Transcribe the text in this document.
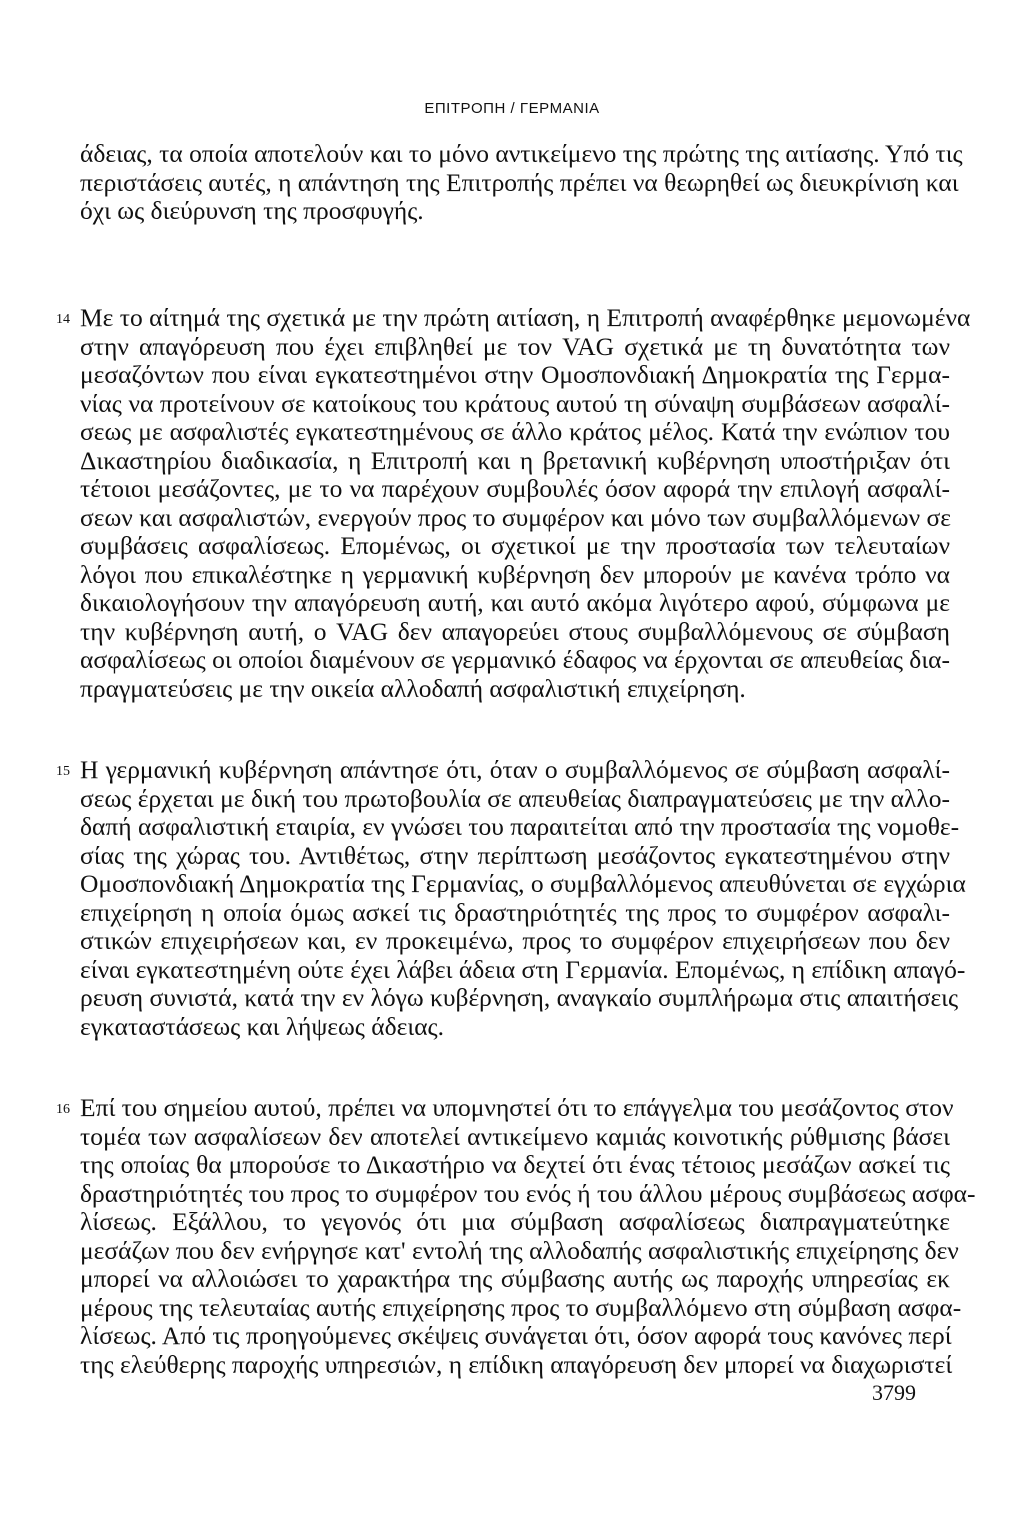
ΕΠΙΤΡΟΠΗ / ΓΕΡΜΑΝΙΑ
άδειας, τα οποία αποτελούν και το μόνο αντικείμενο της πρώτης της αιτίασης. Υπό τις
περιστάσεις αυτές, η απάντηση της Επιτροπής πρέπει να θεωρηθεί ως διευκρίνιση και
όχι ως διεύρυνση της προσφυγής.
14 Με το αίτημά της σχετικά με την πρώτη αιτίαση, η Επιτροπή αναφέρθηκε μεμονωμένα
στην απαγόρευση που έχει επιβληθεί με τον VAG σχετικά με τη δυνατότητα των
μεσαζόντων που είναι εγκατεστημένοι στην Ομοσπονδιακή Δημοκρατία της Γερμα-
νίας να προτείνουν σε κατοίκους του κράτους αυτού τη σύναψη συμβάσεων ασφαλί-
σεως με ασφαλιστές εγκατεστημένους σε άλλο κράτος μέλος. Κατά την ενώπιον του
Δικαστηρίου διαδικασία, η Επιτροπή και η βρετανική κυβέρνηση υποστήριξαν ότι
τέτοιοι μεσάζοντες, με το να παρέχουν συμβουλές όσον αφορά την επιλογή ασφαλί-
σεων και ασφαλιστών, ενεργούν προς το συμφέρον και μόνο των συμβαλλόμενων σε
συμβάσεις ασφαλίσεως. Επομένως, οι σχετικοί με την προστασία των τελευταίων
λόγοι που επικαλέστηκε η γερμανική κυβέρνηση δεν μπορούν με κανένα τρόπο να
δικαιολογήσουν την απαγόρευση αυτή, και αυτό ακόμα λιγότερο αφού, σύμφωνα με
την κυβέρνηση αυτή, ο VAG δεν απαγορεύει στους συμβαλλόμενους σε σύμβαση
ασφαλίσεως οι οποίοι διαμένουν σε γερμανικό έδαφος να έρχονται σε απευθείας δια-
πραγματεύσεις με την οικεία αλλοδαπή ασφαλιστική επιχείρηση.
15 Η γερμανική κυβέρνηση απάντησε ότι, όταν ο συμβαλλόμενος σε σύμβαση ασφαλί-
σεως έρχεται με δική του πρωτοβουλία σε απευθείας διαπραγματεύσεις με την αλλο-
δαπή ασφαλιστική εταιρία, εν γνώσει του παραιτείται από την προστασία της νομοθε-
σίας της χώρας του. Αντιθέτως, στην περίπτωση μεσάζοντος εγκατεστημένου στην
Ομοσπονδιακή Δημοκρατία της Γερμανίας, ο συμβαλλόμενος απευθύνεται σε εγχώρια
επιχείρηση η οποία όμως ασκεί τις δραστηριότητές της προς το συμφέρον ασφαλι-
στικών επιχειρήσεων και, εν προκειμένω, προς το συμφέρον επιχειρήσεων που δεν
είναι εγκατεστημένη ούτε έχει λάβει άδεια στη Γερμανία. Επομένως, η επίδικη απαγό-
ρευση συνιστά, κατά την εν λόγω κυβέρνηση, αναγκαίο συμπλήρωμα στις απαιτήσεις
εγκαταστάσεως και λήψεως άδειας.
16 Επί του σημείου αυτού, πρέπει να υπομνηστεί ότι το επάγγελμα του μεσάζοντος στον
τομέα των ασφαλίσεων δεν αποτελεί αντικείμενο καμιάς κοινοτικής ρύθμισης βάσει
της οποίας θα μπορούσε το Δικαστήριο να δεχτεί ότι ένας τέτοιος μεσάζων ασκεί τις
δραστηριότητές του προς το συμφέρον του ενός ή του άλλου μέρους συμβάσεως ασφα-
λίσεως. Εξάλλου, το γεγονός ότι μια σύμβαση ασφαλίσεως διαπραγματεύτηκε
μεσάζων που δεν ενήργησε κατ' εντολή της αλλοδαπής ασφαλιστικής επιχείρησης δεν
μπορεί να αλλοιώσει το χαρακτήρα της σύμβασης αυτής ως παροχής υπηρεσίας εκ
μέρους της τελευταίας αυτής επιχείρησης προς το συμβαλλόμενο στη σύμβαση ασφα-
λίσεως. Από τις προηγούμενες σκέψεις συνάγεται ότι, όσον αφορά τους κανόνες περί
της ελεύθερης παροχής υπηρεσιών, η επίδικη απαγόρευση δεν μπορεί να διαχωριστεί
3799
